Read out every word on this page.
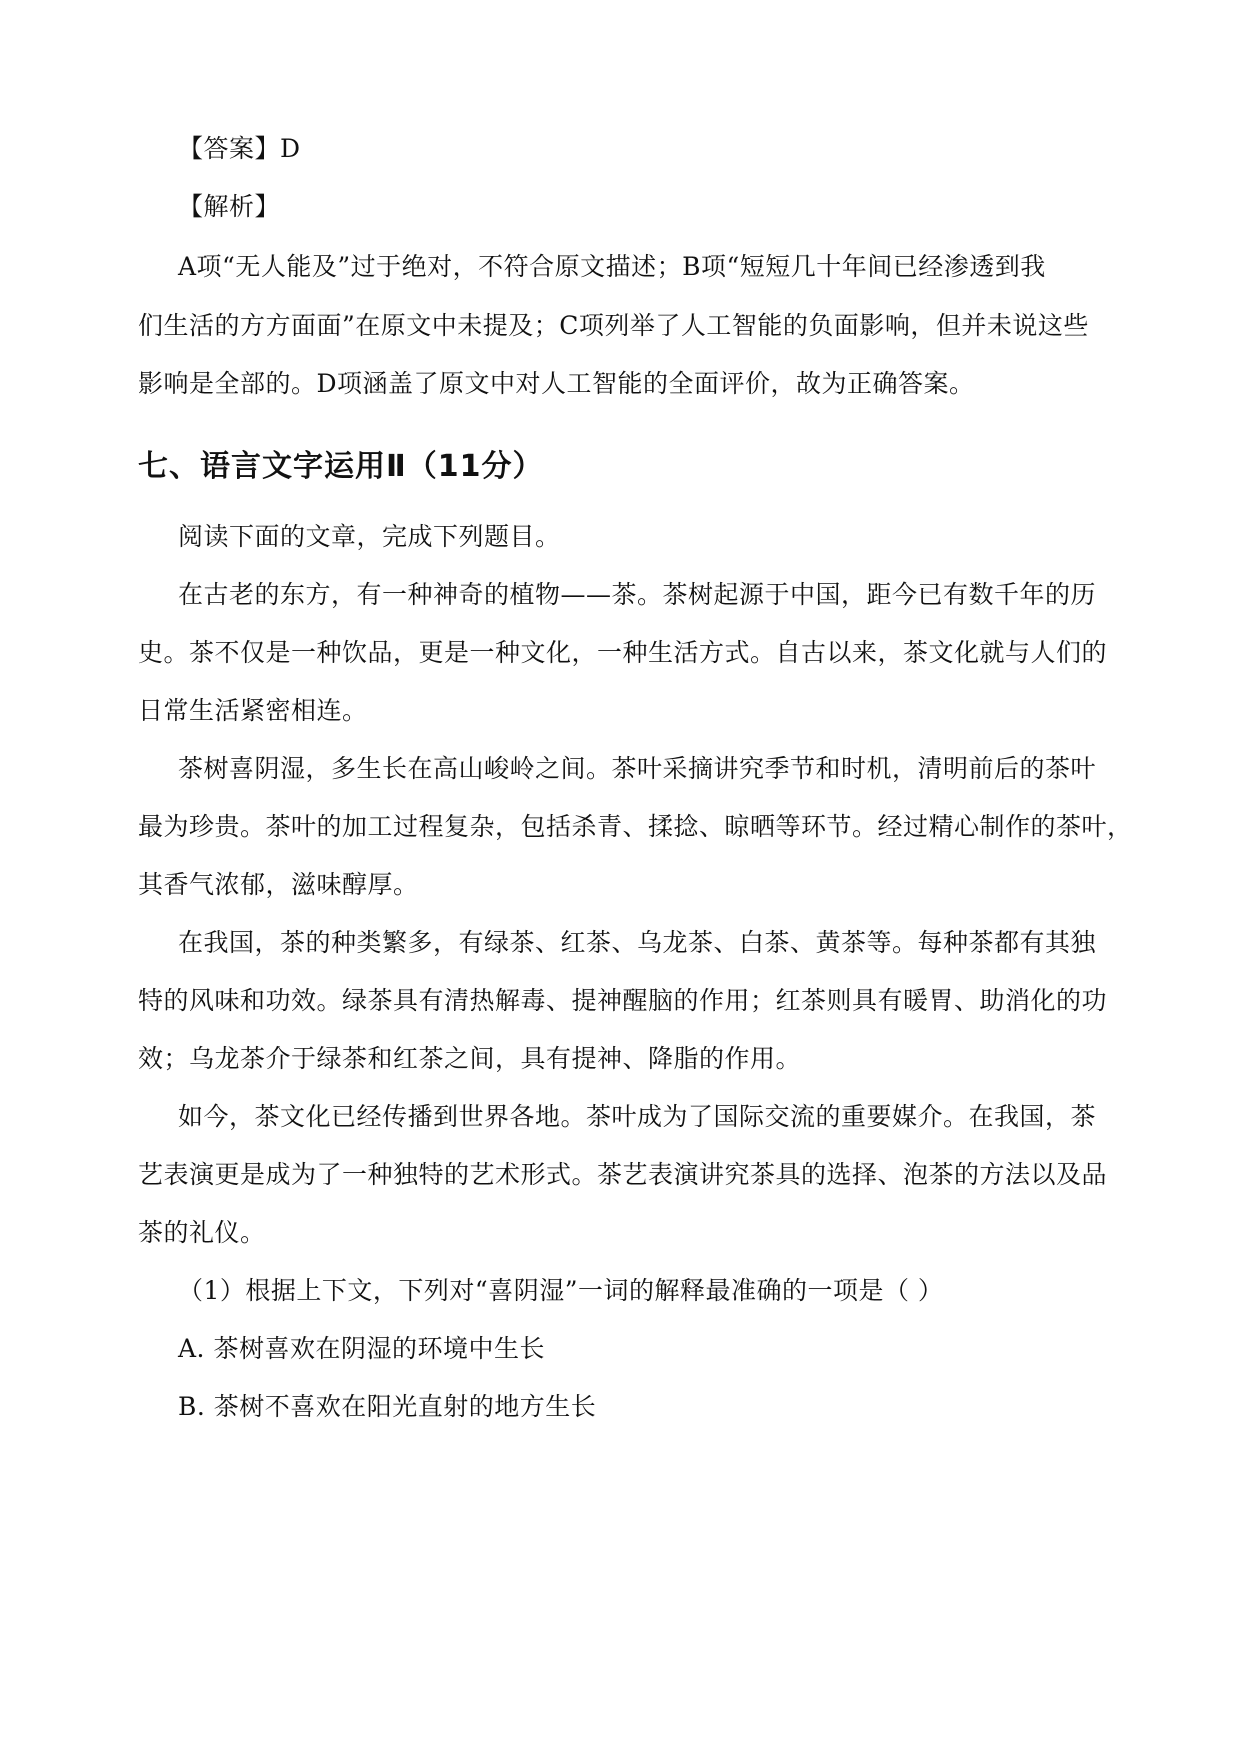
【答案】D

【解析】

A项“无人能及”过于绝对，不符合原文描述；B项“短短几十年间已经渗透到我

们生活的方方面面”在原文中未提及；C项列举了人工智能的负面影响，但并未说这些

影响是全部的。D项涵盖了原文中对人工智能的全面评价，故为正确答案。

七、语言文字运用Ⅱ（11分）

阅读下面的文章，完成下列题目。

在古老的东方，有一种神奇的植物——茶。茶树起源于中国，距今已有数千年的历

史。茶不仅是一种饮品，更是一种文化，一种生活方式。自古以来，茶文化就与人们的

日常生活紧密相连。

茶树喜阴湿，多生长在高山峻岭之间。茶叶采摘讲究季节和时机，清明前后的茶叶

最为珍贵。茶叶的加工过程复杂，包括杀青、揉捻、晾晒等环节。经过精心制作的茶叶，

其香气浓郁，滋味醇厚。

在我国，茶的种类繁多，有绿茶、红茶、乌龙茶、白茶、黄茶等。每种茶都有其独

特的风味和功效。绿茶具有清热解毒、提神醒脑的作用；红茶则具有暖胃、助消化的功

效；乌龙茶介于绿茶和红茶之间，具有提神、降脂的作用。

如今，茶文化已经传播到世界各地。茶叶成为了国际交流的重要媒介。在我国，茶

艺表演更是成为了一种独特的艺术形式。茶艺表演讲究茶具的选择、泡茶的方法以及品

茶的礼仪。

（1）根据上下文，下列对“喜阴湿”一词的解释最准确的一项是（ ）

A. 茶树喜欢在阴湿的环境中生长

B. 茶树不喜欢在阳光直射的地方生长
